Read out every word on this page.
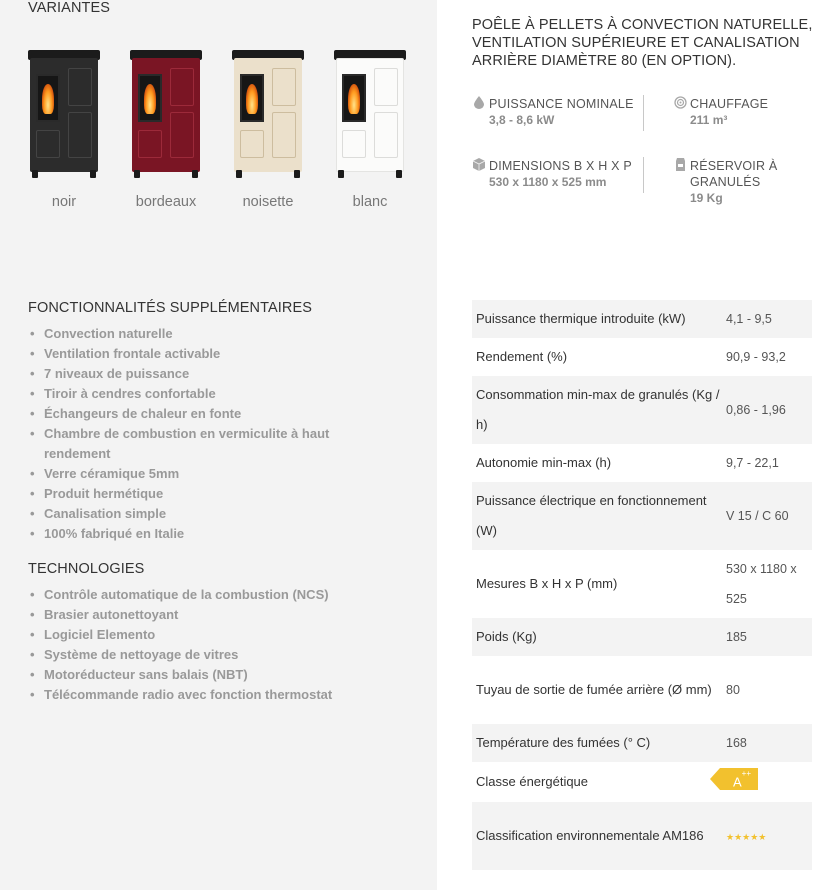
VARIANTES
noir	bordeaux	noisette	blanc
POÊLE À PELLETS À CONVECTION NATURELLE, VENTILATION SUPÉRIEURE ET CANALISATION ARRIÈRE DIAMÈTRE 80 (EN OPTION).
PUISSANCE NOMINALE
3,8 - 8,6 kW
CHAUFFAGE
211 m³
DIMENSIONS B X H X P
530 x 1180 x 525 mm
RÉSERVOIR À GRANULÉS
19 Kg
FONCTIONNALITÉS SUPPLÉMENTAIRES
• Convection naturelle
• Ventilation frontale activable
• 7 niveaux de puissance
• Tiroir à cendres confortable
• Échangeurs de chaleur en fonte
• Chambre de combustion en vermiculite à haut rendement
• Verre céramique 5mm
• Produit hermétique
• Canalisation simple
• 100% fabriqué en Italie
TECHNOLOGIES
• Contrôle automatique de la combustion (NCS)
• Brasier autonettoyant
• Logiciel Elemento
• Système de nettoyage de vitres
• Motoréducteur sans balais (NBT)
• Télécommande radio avec fonction thermostat
Puissance thermique introduite (kW)	4,1 - 9,5
Rendement (%)	90,9 - 93,2
Consommation min-max de granulés (Kg / h)	0,86 - 1,96
Autonomie min-max (h)	9,7 - 22,1
Puissance électrique en fonctionnement (W)	V 15 / C 60
Mesures B x H x P (mm)	530 x 1180 x 525
Poids (Kg)	185
Tuyau de sortie de fumée arrière (Ø mm)	80
Température des fumées (° C)	168
Classe énergétique	A++
Classification environnementale AM186	★★★★★
